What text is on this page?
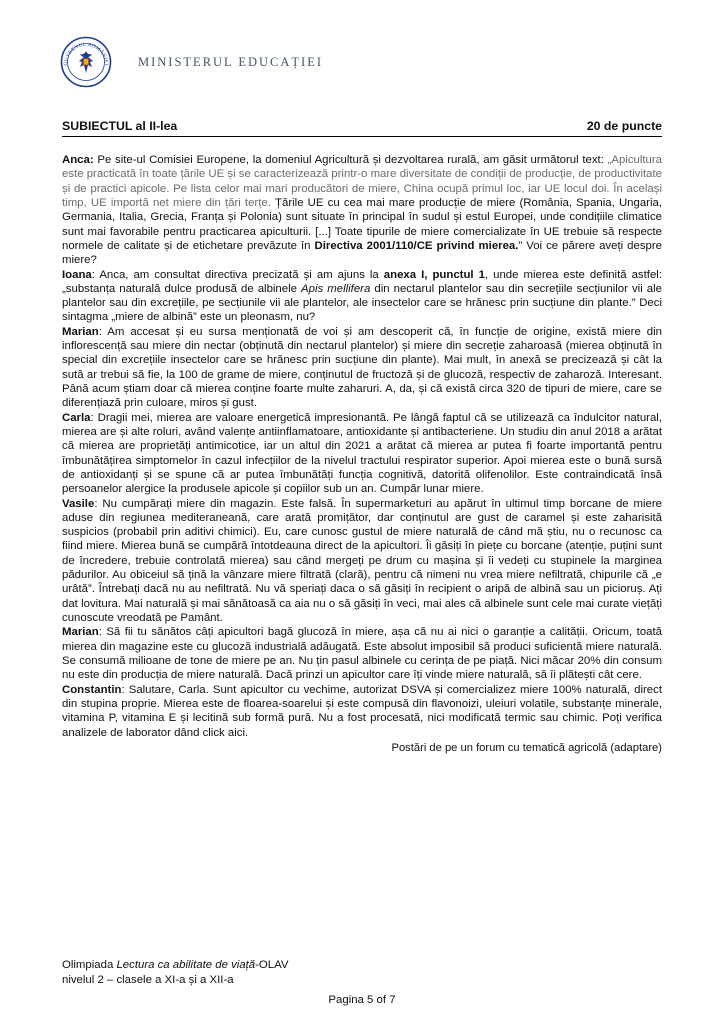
GUVERNUL ROMÂNIEI MINISTERUL EDUCAȚIEI
SUBIECTUL al II-lea	20 de puncte

Anca: Pe site-ul Comisiei Europene, la domeniul Agricultură și dezvoltarea rurală, am găsit următorul text: „Apicultura este practicată în toate țările UE și se caracterizează printr-o mare diversitate de condiții de producție, de productivitate și de practici apicole. Pe lista celor mai mari producători de miere, China ocupă primul loc, iar UE locul doi. În același timp, UE importă net miere din țări terțe. Țările UE cu cea mai mare producție de miere (România, Spania, Ungaria, Germania, Italia, Grecia, Franța și Polonia) sunt situate în principal în sudul și estul Europei, unde condițiile climatice sunt mai favorabile pentru practicarea apiculturii. [...] Toate tipurile de miere comercializate în UE trebuie să respecte normele de calitate și de etichetare prevăzute în Directiva 2001/110/CE privind mierea.” Voi ce părere aveți despre miere?

Ioana: Anca, am consultat directiva precizată și am ajuns la anexa I, punctul 1, unde mierea este definită astfel: „substanța naturală dulce produsă de albinele Apis mellifera din nectarul plantelor sau din secrețiile secțiunilor vii ale plantelor sau din excrețiile, pe secțiunile vii ale plantelor, ale insectelor care se hrănesc prin sucțiune din plante.” Deci sintagma „miere de albină” este un pleonasm, nu?

Marian: Am accesat și eu sursa menționată de voi și am descoperit că, în funcție de origine, există miere din inflorescență sau miere din nectar (obținută din nectarul plantelor) și miere din secreție zaharoasă (mierea obținută în special din excrețiile insectelor care se hrănesc prin sucțiune din plante). Mai mult, în anexă se precizează și cât la sută ar trebui să fie, la 100 de grame de miere, conținutul de fructoză și de glucoză, respectiv de zaharoză. Interesant. Până acum știam doar că mierea conține foarte multe zaharuri. A, da, și că există circa 320 de tipuri de miere, care se diferențiază prin culoare, miros și gust.

Carla: Dragii mei, mierea are valoare energetică impresionantă. Pe lângă faptul că se utilizează ca îndulcitor natural, mierea are și alte roluri, având valențe antiinflamatoare, antioxidante și antibacteriene. Un studiu din anul 2018 a arătat că mierea are proprietăți antimicotice, iar un altul din 2021 a arătat că mierea ar putea fi foarte importantă pentru îmbunătățirea simptomelor în cazul infecțiilor de la nivelul tractului respirator superior. Apoi mierea este o bună sursă de antioxidanți și se spune că ar putea îmbunătăți funcția cognitivă, datorită olifenolilor. Este contraindicată însă persoanelor alergice la produsele apicole și copiilor sub un an. Cumpăr lunar miere.

Vasile: Nu cumpărați miere din magazin. Este falsă. În supermarketuri au apărut în ultimul timp borcane de miere aduse din regiunea mediteraneană, care arată promițător, dar conținutul are gust de caramel și este zaharisită suspicios (probabil prin aditivi chimici). Eu, care cunosc gustul de miere naturală de când mă știu, nu o recunosc ca fiind miere. Mierea bună se cumpără întotdeauna direct de la apicultori. Îi găsiți în piețe cu borcane (atenție, puțini sunt de încredere, trebuie controlată mierea) sau când mergeți pe drum cu mașina și îi vedeți cu stupinele la marginea pădurilor. Au obiceiul să țină la vânzare miere filtrată (clară), pentru că nimeni nu vrea miere nefiltrată, chipurile că „e urâtă”. Întrebați dacă nu au nefiltrată. Nu vă speriați daca o să găsiți în recipient o aripă de albină sau un picioruș. Ați dat lovitura. Mai naturală și mai sănătoasă ca aia nu o să găsiți în veci, mai ales că albinele sunt cele mai curate viețăți cunoscute vreodată pe Pamânt.

Marian: Să fii tu sănătos câți apicultori bagă glucoză în miere, așa că nu ai nici o garanție a calității. Oricum, toată mierea din magazine este cu glucoză industrială adăugată. Este absolut imposibil să produci suficientă miere naturală. Se consumă milioane de tone de miere pe an. Nu țin pasul albinele cu cerința de pe piață. Nici măcar 20% din consum nu este din producția de miere naturală. Dacă prinzi un apicultor care îți vinde miere naturală, să îi plătești cât cere.

Constantin: Salutare, Carla. Sunt apicultor cu vechime, autorizat DSVA și comercializez miere 100% naturală, direct din stupina proprie. Mierea este de floarea-soarelui și este compusă din flavonoizi, uleiuri volatile, substanțe minerale, vitamina P, vitamina E și lecitină sub formă pură. Nu a fost procesată, nici modificată termic sau chimic. Poți verifica analizele de laborator dând click aici.

Postări de pe un forum cu tematică agricolă (adaptare)
Olimpiada Lectura ca abilitate de viață-OLAV
nivelul 2 – clasele a XI-a și a XII-a
Pagina 5 of 7
